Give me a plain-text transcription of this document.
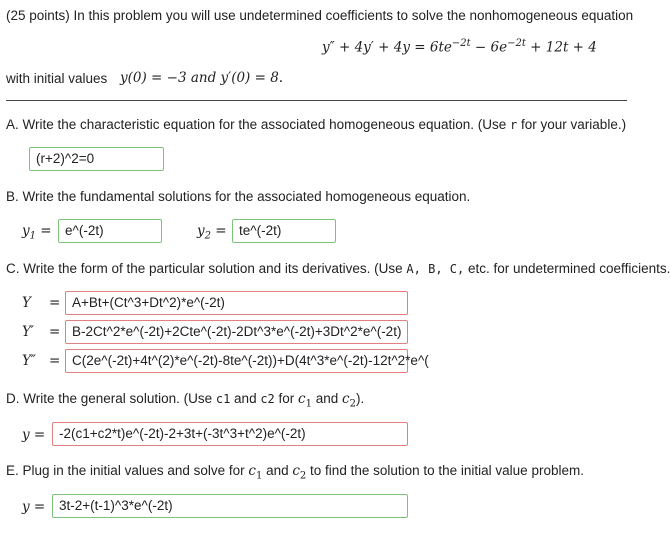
(25 points) In this problem you will use undetermined coefficients to solve the nonhomogeneous equation
$y'' + 4y' + 4y = 6te^{-2t} - 6e^{-2t} + 12t + 4$
with initial values y(0) = −3 and y′(0) = 8.
A. Write the characteristic equation for the associated homogeneous equation. (Use r for your variable.)
(r+2)^2=0
B. Write the fundamental solutions for the associated homogeneous equation.
$y_1$ = e^(-2t)	$y_2$ = te^(-2t)
C. Write the form of the particular solution and its derivatives. (Use A, B, C, etc. for undetermined coefficients.
Y = A+Bt+(Ct^3+Dt^2)*e^(-2t)
Y′ = B-2Ct^2*e^(-2t)+2Cte^(-2t)-2Dt^3*e^(-2t)+3Dt^2*e^(-2t)
Y″ = C(2e^(-2t)+4t^(2)*e^(-2t)-8te^(-2t))+D(4t^3*e^(-2t)-12t^2*e^(
D. Write the general solution. (Use c1 and c2 for $c_1$ and $c_2$).
y =	-2(c1+c2*t)e^(-2t)-2+3t+(-3t^3+t^2)e^(-2t)
E. Plug in the initial values and solve for $c_1$ and $c_2$ to find the solution to the initial value problem.
y =	3t-2+(t-1)^3*e^(-2t)
